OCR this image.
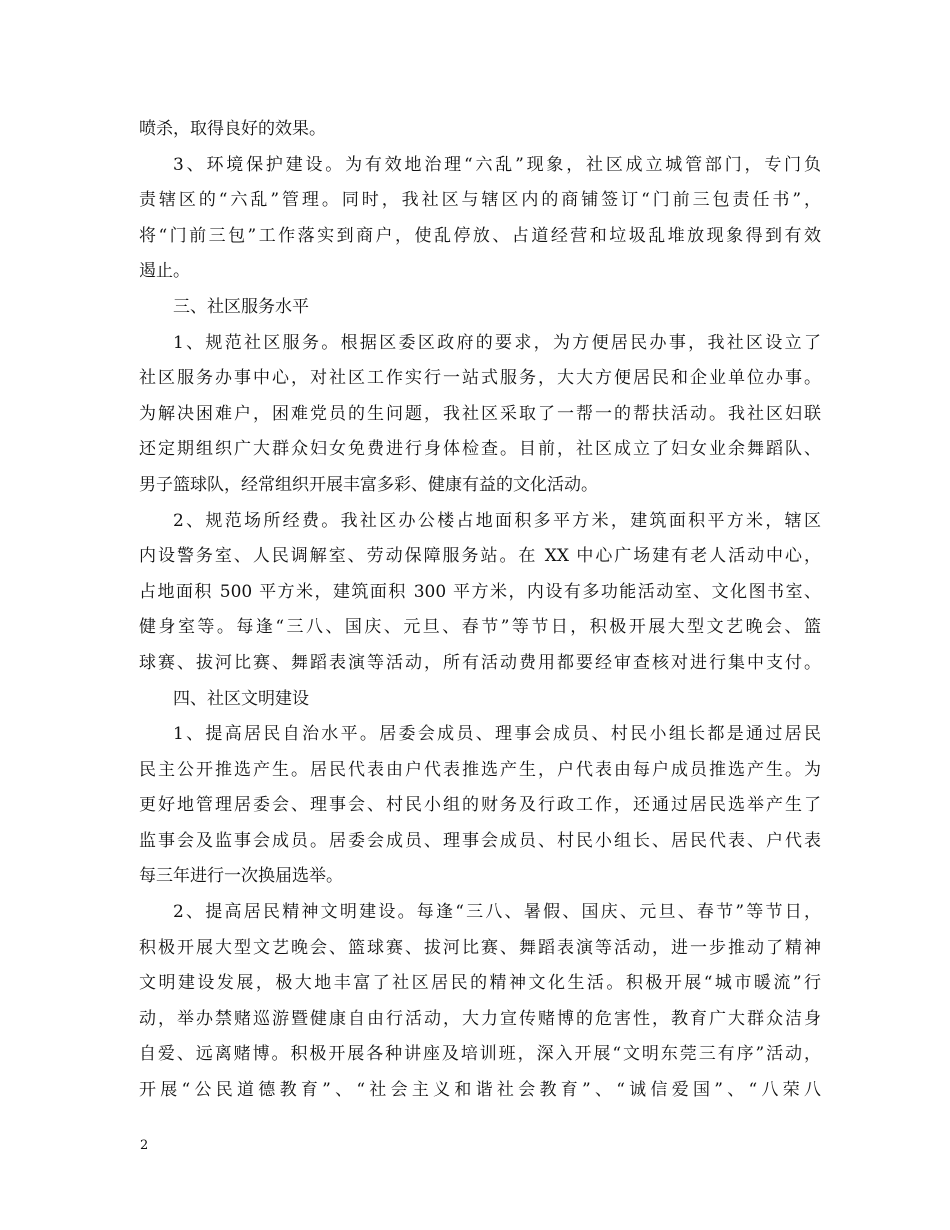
喷杀，取得良好的效果。
3、环境保护建设。为有效地治理“六乱”现象，社区成立城管部门，专门负
责辖区的“六乱”管理。同时，我社区与辖区内的商铺签订“门前三包责任书”，
将“门前三包”工作落实到商户，使乱停放、占道经营和垃圾乱堆放现象得到有效
遏止。
三、社区服务水平
1、规范社区服务。根据区委区政府的要求，为方便居民办事，我社区设立了
社区服务办事中心，对社区工作实行一站式服务，大大方便居民和企业单位办事。
为解决困难户，困难党员的生问题，我社区采取了一帮一的帮扶活动。我社区妇联
还定期组织广大群众妇女免费进行身体检查。目前，社区成立了妇女业余舞蹈队、
男子篮球队，经常组织开展丰富多彩、健康有益的文化活动。
2、规范场所经费。我社区办公楼占地面积多平方米，建筑面积平方米，辖区
内设警务室、人民调解室、劳动保障服务站。在 XX 中心广场建有老人活动中心，
占地面积 500 平方米，建筑面积 300 平方米，内设有多功能活动室、文化图书室、
健身室等。每逢“三八、国庆、元旦、春节”等节日，积极开展大型文艺晚会、篮
球赛、拔河比赛、舞蹈表演等活动，所有活动费用都要经审查核对进行集中支付。
四、社区文明建设
1、提高居民自治水平。居委会成员、理事会成员、村民小组长都是通过居民
民主公开推选产生。居民代表由户代表推选产生，户代表由每户成员推选产生。为
更好地管理居委会、理事会、村民小组的财务及行政工作，还通过居民选举产生了
监事会及监事会成员。居委会成员、理事会成员、村民小组长、居民代表、户代表
每三年进行一次换届选举。
2、提高居民精神文明建设。每逢“三八、暑假、国庆、元旦、春节”等节日，
积极开展大型文艺晚会、篮球赛、拔河比赛、舞蹈表演等活动，进一步推动了精神
文明建设发展，极大地丰富了社区居民的精神文化生活。积极开展“城市暖流”行
动，举办禁赌巡游暨健康自由行活动，大力宣传赌博的危害性，教育广大群众洁身
自爱、远离赌博。积极开展各种讲座及培训班，深入开展“文明东莞三有序”活动，
开展“公民道德教育”、“社会主义和谐社会教育”、“诚信爱国”、“八荣八
2
